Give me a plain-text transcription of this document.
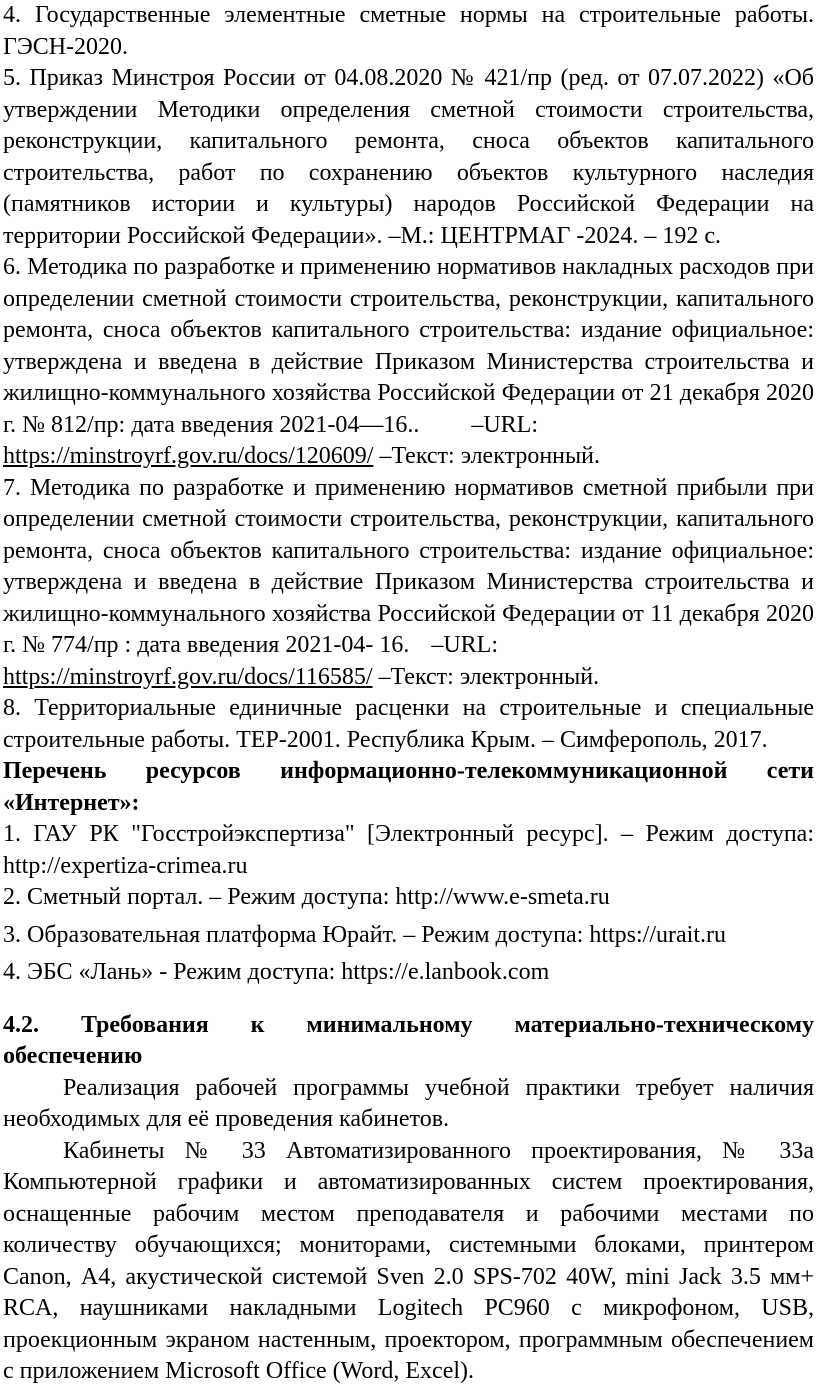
4. Государственные элементные сметные нормы на строительные работы. ГЭСН-2020.

5. Приказ Минстроя России от 04.08.2020 № 421/пр (ред. от 07.07.2022) «Об утверждении Методики определения сметной стоимости строительства, реконструкции, капитального ремонта, сноса объектов капитального строительства, работ по сохранению объектов культурного наследия (памятников истории и культуры) народов Российской Федерации на территории Российской Федерации». –М.: ЦЕНТРМАГ -2024. – 192 с.

6. Методика по разработке и применению нормативов накладных расходов при определении сметной стоимости строительства, реконструкции, капитального ремонта, сноса объектов капитального строительства: издание официальное: утверждена и введена в действие Приказом Министерства строительства и жилищно-коммунального хозяйства Российской Федерации от 21 декабря 2020 г. № 812/пр: дата введения 2021-04—16.. –URL:
https://minstroyrf.gov.ru/docs/120609/ –Текст: электронный.

7. Методика по разработке и применению нормативов сметной прибыли при определении сметной стоимости строительства, реконструкции, капитального ремонта, сноса объектов капитального строительства: издание официальное: утверждена и введена в действие Приказом Министерства строительства и жилищно-коммунального хозяйства Российской Федерации от 11 декабря 2020 г. № 774/пр : дата введения 2021-04- 16. –URL:
https://minstroyrf.gov.ru/docs/116585/ –Текст: электронный.

8. Территориальные единичные расценки на строительные и специальные строительные работы. ТЕР-2001. Республика Крым. – Симферополь, 2017.

Перечень ресурсов информационно-телекоммуникационной сети «Интернет»:

1. ГАУ РК "Госстройэкспертиза" [Электронный ресурс]. – Режим доступа: http://expertiza-crimea.ru

2. Сметный портал. – Режим доступа: http://www.e-smeta.ru

3. Образовательная платформа Юрайт. – Режим доступа: https://urait.ru

4. ЭБС «Лань» - Режим доступа: https://e.lanbook.com

4.2. Требования к минимальному материально-техническому обеспечению

Реализация рабочей программы учебной практики требует наличия необходимых для её проведения кабинетов.

Кабинеты № 33 Автоматизированного проектирования, № 33а Компьютерной графики и автоматизированных систем проектирования, оснащенные рабочим местом преподавателя и рабочими местами по количеству обучающихся; мониторами, системными блоками, принтером Canon, А4, акустической системой Sven 2.0 SPS-702 40W, mini Jack 3.5 мм+ RCA, наушниками накладными Logitech PC960 с микрофоном, USB, проекционным экраном настенным, проектором, программным обеспечением с приложением Microsoft Office (Word, Excel).
